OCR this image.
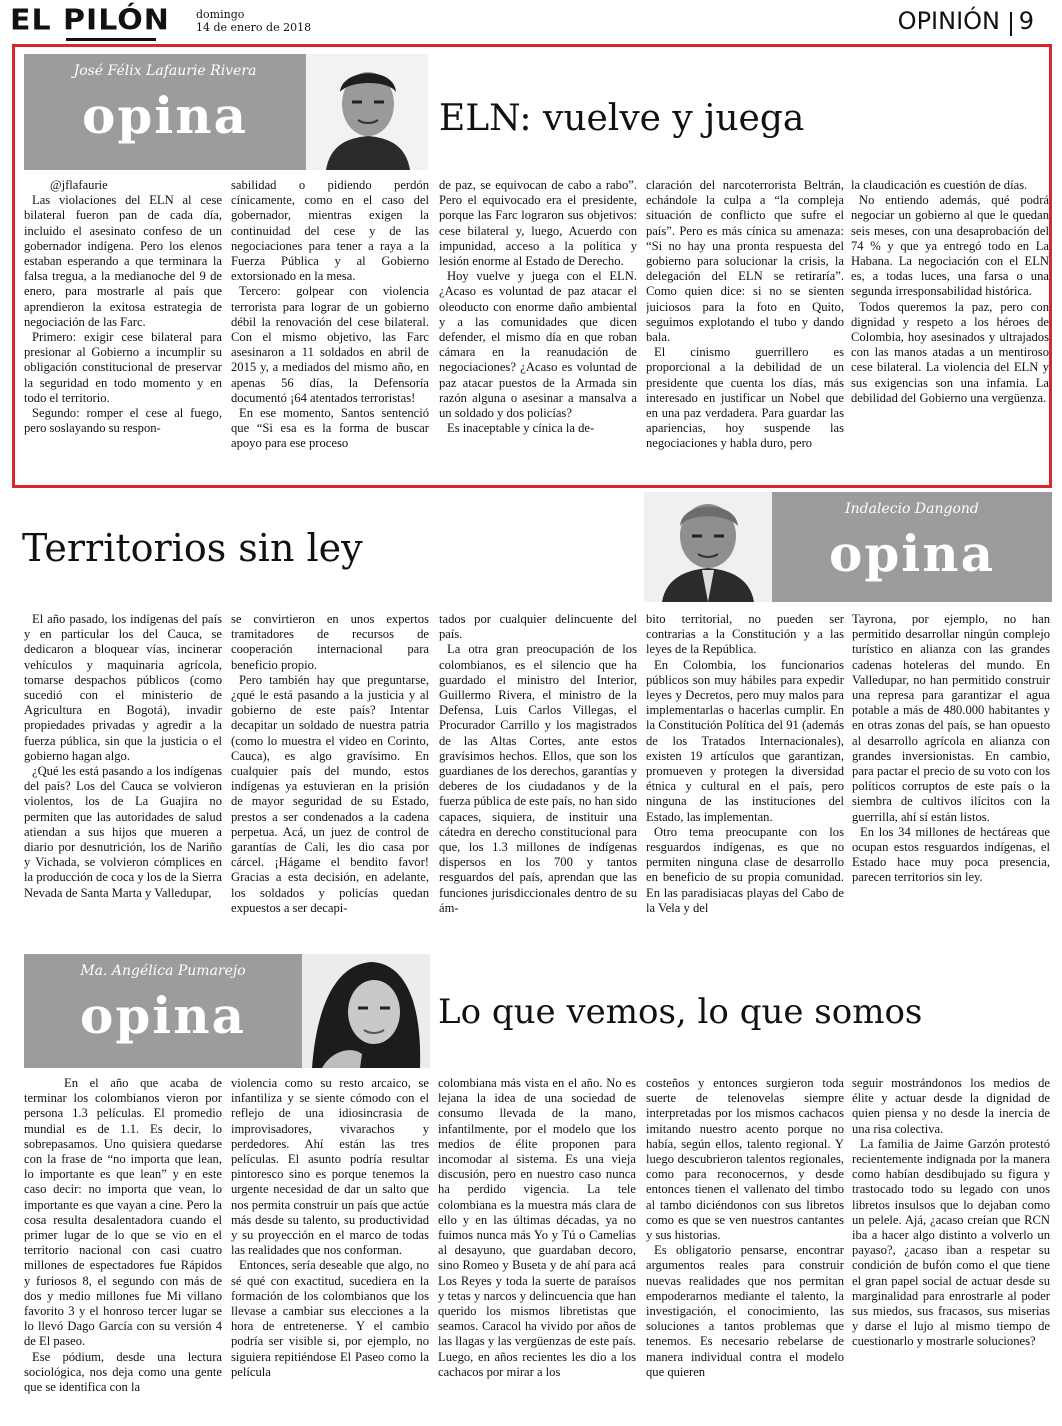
EL PILÓN domingo
14 de enero de 2018	OPINIÓN 9
José Félix Lafaurie Rivera
opina	ELN: vuelve y juega

@jflafaurie

Las violaciones del ELN al cese bilateral fueron pan de cada día, incluido el asesinato confeso de un gobernador indígena. Pero los elenos estaban esperando a que terminara la falsa tregua, a la medianoche del 9 de enero, para mostrarle al país que aprendieron la exitosa estrategia de negociación de las Farc.

Primero: exigir cese bilateral para presionar al Gobierno a incumplir su obligación constitucional de preservar la seguridad en todo momento y en todo el territorio.

Segundo: romper el cese al fuego, pero soslayando su respon-

sabilidad o pidiendo perdón cínicamente, como en el caso del gobernador, mientras exigen la continuidad del cese y de las negociaciones para tener a raya a la Fuerza Pública y al Gobierno extorsionado en la mesa.

Tercero: golpear con violencia terrorista para lograr de un gobierno débil la renovación del cese bilateral. Con el mismo objetivo, las Farc asesinaron a 11 soldados en abril de 2015 y, a mediados del mismo año, en apenas 56 días, la Defensoría documentó ¡64 atentados terroristas!

En ese momento, Santos sentenció que “Si esa es la forma de buscar apoyo para ese proceso

de paz, se equivocan de cabo a rabo”. Pero el equivocado era el presidente, porque las Farc lograron sus objetivos: cese bilateral y, luego, Acuerdo con impunidad, acceso a la política y lesión enorme al Estado de Derecho.

Hoy vuelve y juega con el ELN. ¿Acaso es voluntad de paz atacar el oleoducto con enorme daño ambiental y a las comunidades que dicen defender, el mismo día en que roban cámara en la reanudación de negociaciones? ¿Acaso es voluntad de paz atacar puestos de la Armada sin razón alguna o asesinar a mansalva a un soldado y dos policías?

Es inaceptable y cínica la de-

claración del narcoterrorista Beltrán, echándole la culpa a “la compleja situación de conflicto que sufre el país”. Pero es más cínica su amenaza: “Si no hay una pronta respuesta del gobierno para solucionar la crisis, la delegación del ELN se retiraría”. Como quien dice: si no se sienten juiciosos para la foto en Quito, seguimos explotando el tubo y dando bala.

El cinismo guerrillero es proporcional a la debilidad de un presidente que cuenta los días, más interesado en justificar un Nobel que en una paz verdadera. Para guardar las apariencias, hoy suspende las negociaciones y habla duro, pero

la claudicación es cuestión de días.

No entiendo además, qué podrá negociar un gobierno al que le quedan seis meses, con una desaprobación del 74 % y que ya entregó todo en La Habana. La negociación con el ELN es, a todas luces, una farsa o una segunda irresponsabilidad histórica.

Todos queremos la paz, pero con dignidad y respeto a los héroes de Colombia, hoy asesinados y ultrajados con las manos atadas a un mentiroso cese bilateral. La violencia del ELN y sus exigencias son una infamia. La debilidad del Gobierno una vergüenza.

Territorios sin ley
Indalecio Dangond
opina

El año pasado, los indígenas del país y en particular los del Cauca, se dedicaron a bloquear vías, incinerar vehículos y maquinaria agrícola, tomarse despachos públicos (como sucedió con el ministerio de Agricultura en Bogotá), invadir propiedades privadas y agredir a la fuerza pública, sin que la justicia o el gobierno hagan algo.

¿Qué les está pasando a los indígenas del país? Los del Cauca se volvieron violentos, los de La Guajira no permiten que las autoridades de salud atiendan a sus hijos que mueren a diario por desnutrición, los de Nariño y Vichada, se volvieron cómplices en la producción de coca y los de la Sierra Nevada de Santa Marta y Valledupar,

se convirtieron en unos expertos tramitadores de recursos de cooperación internacional para beneficio propio.

Pero también hay que preguntarse, ¿qué le está pasando a la justicia y al gobierno de este país? Intentar decapitar un soldado de nuestra patria (como lo muestra el video en Corinto, Cauca), es algo gravísimo. En cualquier país del mundo, estos indígenas ya estuvieran en la prisión de mayor seguridad de su Estado, prestos a ser condenados a la cadena perpetua. Acá, un juez de control de garantías de Cali, les dio casa por cárcel. ¡Hágame el bendito favor! Gracias a esta decisión, en adelante, los soldados y policías quedan expuestos a ser decapi-

tados por cualquier delincuente del país.

La otra gran preocupación de los colombianos, es el silencio que ha guardado el ministro del Interior, Guillermo Rivera, el ministro de la Defensa, Luis Carlos Villegas, el Procurador Carrillo y los magistrados de las Altas Cortes, ante estos gravísimos hechos. Ellos, que son los guardianes de los derechos, garantías y deberes de los ciudadanos y de la fuerza pública de este país, no han sido capaces, siquiera, de instituir una cátedra en derecho constitucional para que, los 1.3 millones de indígenas dispersos en los 700 y tantos resguardos del país, aprendan que las funciones jurisdiccionales dentro de su ám-

bito territorial, no pueden ser contrarias a la Constitución y a las leyes de la República.

En Colombia, los funcionarios públicos son muy hábiles para expedir leyes y Decretos, pero muy malos para implementarlas o hacerlas cumplir. En la Constitución Política del 91 (además de los Tratados Internacionales), existen 19 artículos que garantizan, promueven y protegen la diversidad étnica y cultural en el país, pero ninguna de las instituciones del Estado, las implementan.

Otro tema preocupante con los resguardos indígenas, es que no permiten ninguna clase de desarrollo en beneficio de su propia comunidad. En las paradisiacas playas del Cabo de la Vela y del

Tayrona, por ejemplo, no han permitido desarrollar ningún complejo turístico en alianza con las grandes cadenas hoteleras del mundo. En Valledupar, no han permitido construir una represa para garantizar el agua potable a más de 480.000 habitantes y en otras zonas del país, se han opuesto al desarrollo agrícola en alianza con grandes inversionistas. En cambio, para pactar el precio de su voto con los políticos corruptos de este país o la siembra de cultivos ilícitos con la guerrilla, ahí sí están listos.

En los 34 millones de hectáreas que ocupan estos resguardos indígenas, el Estado hace muy poca presencia, parecen territorios sin ley.

Ma. Angélica Pumarejo
opina	Lo que vemos, lo que somos

En el año que acaba de terminar los colombianos vieron por persona 1.3 películas. El promedio mundial es de 1.1. Es decir, lo sobrepasamos. Uno quisiera quedarse con la frase de “no importa que lean, lo importante es que lean” y en este caso decir: no importa que vean, lo importante es que vayan a cine. Pero la cosa resulta desalentadora cuando el primer lugar de lo que se vio en el territorio nacional con casi cuatro millones de espectadores fue Rápidos y furiosos 8, el segundo con más de dos y medio millones fue Mi villano favorito 3 y el honroso tercer lugar se lo llevó Dago García con su versión 4 de El paseo.

Ese pódium, desde una lectura sociológica, nos deja como una gente que se identifica con la

violencia como su resto arcaico, se infantiliza y se siente cómodo con el reflejo de una idiosincrasia de improvisadores, vivarachos y perdedores. Ahí están las tres películas. El asunto podría resultar pintoresco sino es porque tenemos la urgente necesidad de dar un salto que nos permita construir un país que actúe más desde su talento, su productividad y su proyección en el marco de todas las realidades que nos conforman.

Entonces, sería deseable que algo, no sé qué con exactitud, sucediera en la formación de los colombianos que los llevase a cambiar sus elecciones a la hora de entretenerse. Y el cambio podría ser visible si, por ejemplo, no siguiera repitiéndose El Paseo como la película

colombiana más vista en el año. No es lejana la idea de una sociedad de consumo llevada de la mano, infantilmente, por el modelo que los medios de élite proponen para incomodar al sistema. Es una vieja discusión, pero en nuestro caso nunca ha perdido vigencia. La tele colombiana es la muestra más clara de ello y en las últimas décadas, ya no fuimos nunca más Yo y Tú o Camelias al desayuno, que guardaban decoro, sino Romeo y Buseta y de ahí para acá Los Reyes y toda la suerte de paraísos y tetas y narcos y delincuencia que han querido los mismos libretistas que seamos. Caracol ha vivido por años de las llagas y las vergüenzas de este país. Luego, en años recientes les dio a los cachacos por mirar a los

costeños y entonces surgieron toda suerte de telenovelas siempre interpretadas por los mismos cachacos imitando nuestro acento porque no había, según ellos, talento regional. Y luego descubrieron talentos regionales, como para reconocernos, y desde entonces tienen el vallenato del timbo al tambo diciéndonos con sus libretos como es que se ven nuestros cantantes y sus historias.

Es obligatorio pensarse, encontrar argumentos reales para construir nuevas realidades que nos permitan empoderarnos mediante el talento, la investigación, el conocimiento, las soluciones a tantos problemas que tenemos. Es necesario rebelarse de manera individual contra el modelo que quieren

seguir mostrándonos los medios de élite y actuar desde la dignidad de quien piensa y no desde la inercia de una risa colectiva.

La familia de Jaime Garzón protestó recientemente indignada por la manera como habían desdibujado su figura y trastocado todo su legado con unos libretos insulsos que lo dejaban como un pelele. Ajá, ¿acaso creían que RCN iba a hacer algo distinto a volverlo un payaso?, ¿acaso iban a respetar su condición de bufón como el que tiene el gran papel social de actuar desde su marginalidad para enrostrarle al poder sus miedos, sus fracasos, sus miserias y darse el lujo al mismo tiempo de cuestionarlo y mostrarle soluciones?
